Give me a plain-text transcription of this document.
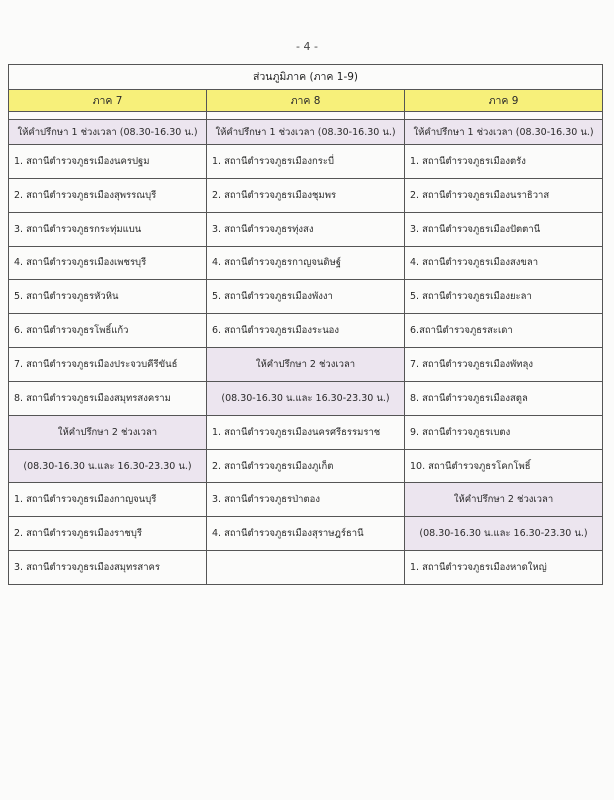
- 4 -
ส่วนภูมิภาค (ภาค 1-9)		
ภาค 7	ภาค 8	ภาค 9

ให้คำปรึกษา 1 ช่วงเวลา (08.30-16.30 น.)	ให้คำปรึกษา 1 ช่วงเวลา (08.30-16.30 น.)	ให้คำปรึกษา 1 ช่วงเวลา (08.30-16.30 น.)
1. สถานีตำรวจภูธรเมืองนครปฐม	1. สถานีตำรวจภูธรเมืองกระบี่	1. สถานีตำรวจภูธรเมืองตรัง
2. สถานีตำรวจภูธรเมืองสุพรรณบุรี	2. สถานีตำรวจภูธรเมืองชุมพร	2. สถานีตำรวจภูธรเมืองนราธิวาส
3. สถานีตำรวจภูธรกระทุ่มแบน	3. สถานีตำรวจภูธรทุ่งสง	3. สถานีตำรวจภูธรเมืองปัตตานี
4. สถานีตำรวจภูธรเมืองเพชรบุรี	4. สถานีตำรวจภูธรกาญจนดิษฐ์	4. สถานีตำรวจภูธรเมืองสงขลา
5. สถานีตำรวจภูธรหัวหิน	5. สถานีตำรวจภูธรเมืองพังงา	5. สถานีตำรวจภูธรเมืองยะลา
6. สถานีตำรวจภูธรโพธิ์แก้ว	6. สถานีตำรวจภูธรเมืองระนอง	6.สถานีตำรวจภูธรสะเดา
7. สถานีตำรวจภูธรเมืองประจวบคีรีขันธ์	ให้คำปรึกษา 2 ช่วงเวลา	7. สถานีตำรวจภูธรเมืองพัทลุง
8. สถานีตำรวจภูธรเมืองสมุทรสงคราม	(08.30-16.30 น.และ 16.30-23.30 น.)	8. สถานีตำรวจภูธรเมืองสตูล
ให้คำปรึกษา 2 ช่วงเวลา	1. สถานีตำรวจภูธรเมืองนครศรีธรรมราช	9. สถานีตำรวจภูธรเบตง
(08.30-16.30 น.และ 16.30-23.30 น.)	2. สถานีตำรวจภูธรเมืองภูเก็ต	10. สถานีตำรวจภูธรโคกโพธิ์
1. สถานีตำรวจภูธรเมืองกาญจนบุรี	3. สถานีตำรวจภูธรป่าตอง	ให้คำปรึกษา 2 ช่วงเวลา
2. สถานีตำรวจภูธรเมืองราชบุรี	4. สถานีตำรวจภูธรเมืองสุราษฎร์ธานี	(08.30-16.30 น.และ 16.30-23.30 น.)
3. สถานีตำรวจภูธรเมืองสมุทรสาคร		1. สถานีตำรวจภูธรเมืองหาดใหญ่
